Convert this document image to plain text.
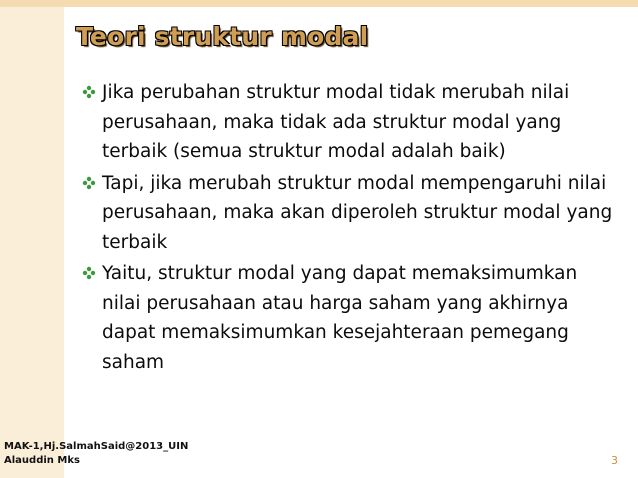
Teori struktur modal
Jika perubahan struktur modal tidak merubah nilai perusahaan, maka tidak ada struktur modal yang terbaik (semua struktur modal adalah baik)
Tapi, jika merubah struktur modal mempengaruhi nilai perusahaan, maka akan diperoleh struktur modal yang terbaik
Yaitu, struktur modal yang dapat memaksimumkan nilai perusahaan atau harga saham yang akhirnya dapat memaksimumkan kesejahteraan pemegang saham
MAK-1,Hj.SalmahSaid@2013_UIN
Alauddin Mks	3
